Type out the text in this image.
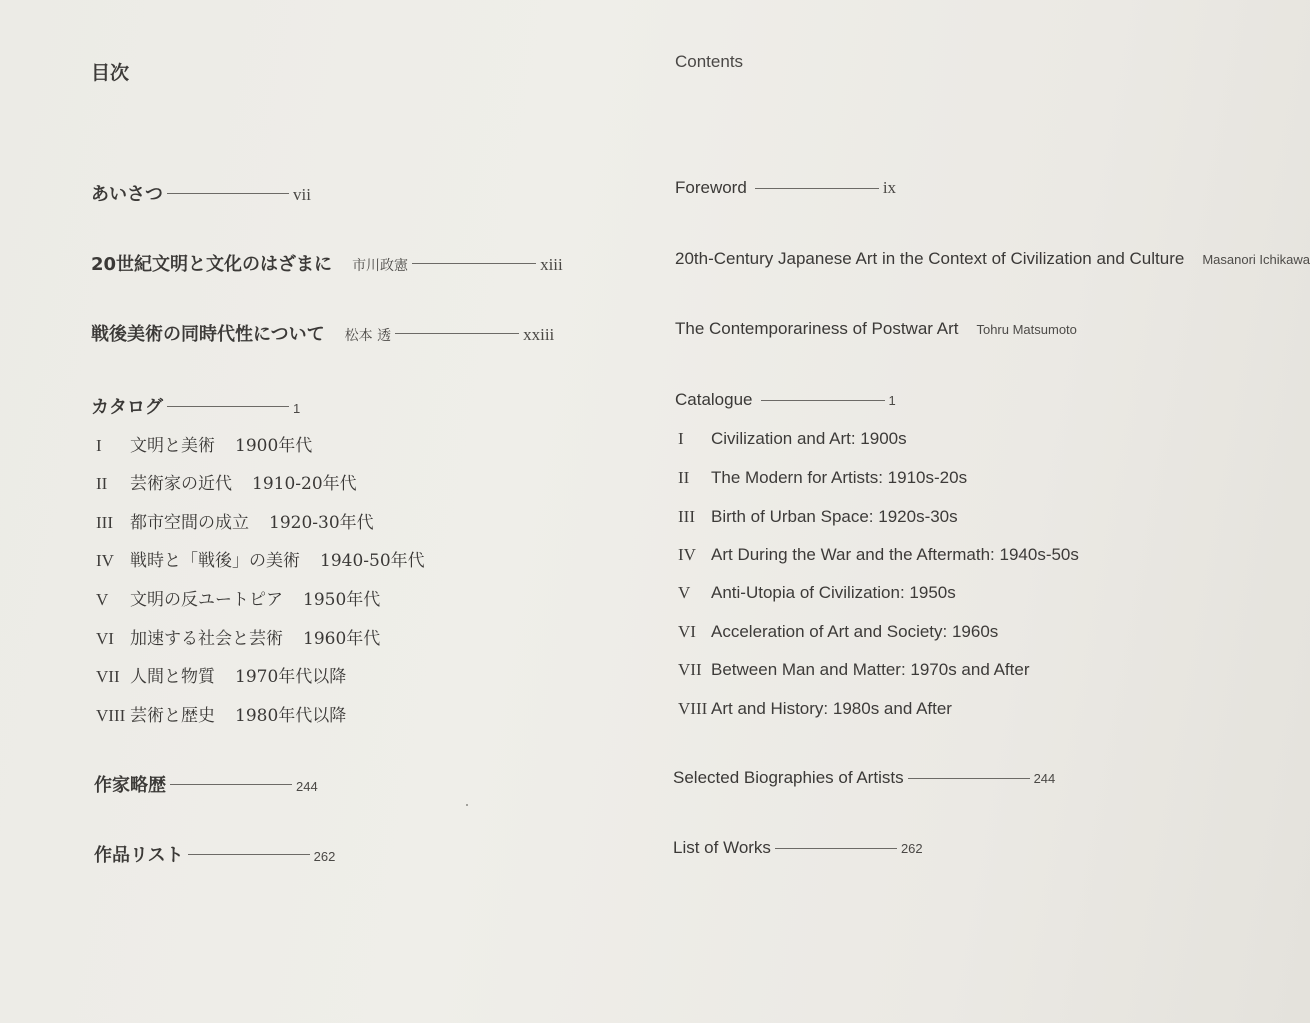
目次
あいさつ	vii
20世紀文明と文化のはざまに 市川政憲	xiii
戦後美術の同時代性について 松本 透	xxiii
カタログ	1
I	文明と美術 1900年代
II	芸術家の近代 1910-20年代
III	都市空間の成立 1920-30年代
IV 戦時と「戦後」の美術 1940-50年代
V	文明の反ユートピア 1950年代
VI 加速する社会と芸術 1960年代
VII 人間と物質 1970年代以降
VIII 芸術と歴史 1980年代以降
作家略歴	244
作品リスト	262
Contents
Foreword	ix
20th-Century Japanese Art in the Context of Civilization and Culture Masanori Ichikawa
The Contemporariness of Postwar Art Tohru Matsumoto
Catalogue	1
I	Civilization and Art: 1900s
II	The Modern for Artists: 1910s-20s
III Birth of Urban Space: 1920s-30s
IV Art During the War and the Aftermath: 1940s-50s
V	Anti-Utopia of Civilization: 1950s
VI Acceleration of Art and Society: 1960s
VII Between Man and Matter: 1970s and After
VIII Art and History: 1980s and After
Selected Biographies of Artists	244
List of Works	262
